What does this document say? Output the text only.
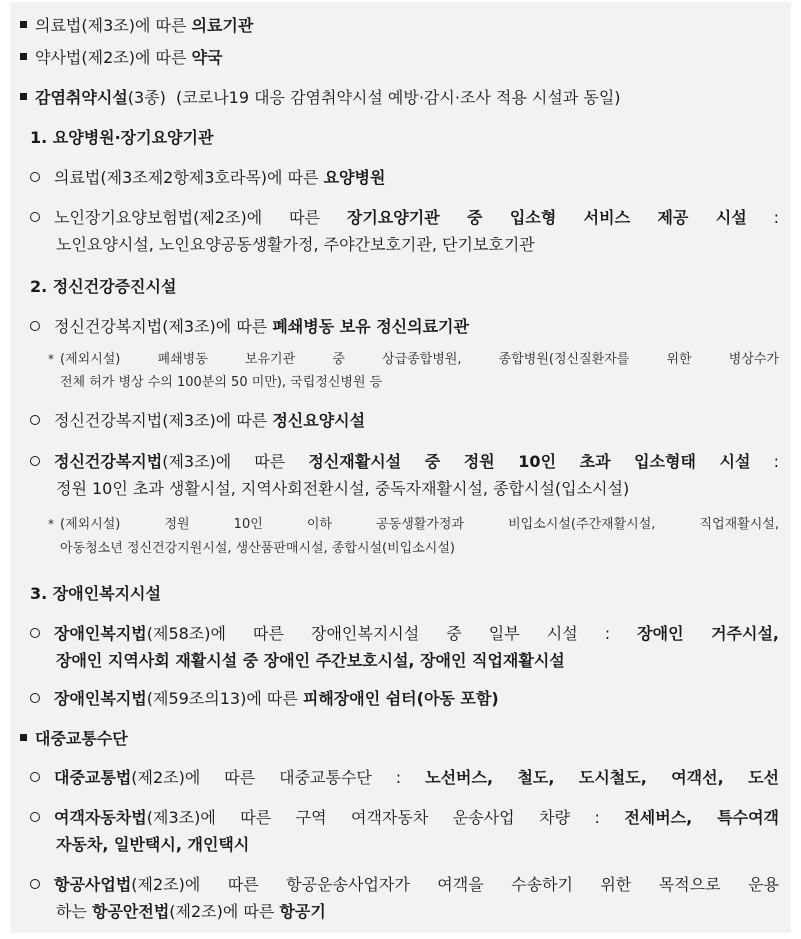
의료법(제3조)에 따른 의료기관
약사법(제2조)에 따른 약국
감염취약시설(3종)  (코로나19 대응 감염취약시설 예방·감시·조사 적용 시설과 동일)
1. 요양병원·장기요양기관
의료법(제3조제2항제3호라목)에 따른 요양병원
노인장기요양보험법(제2조)에 따른 장기요양기관 중 입소형 서비스 제공 시설 :
노인요양시설, 노인요양공동생활가정, 주야간보호기관, 단기보호기관
2. 정신건강증진시설
정신건강복지법(제3조)에 따른 폐쇄병동 보유 정신의료기관
* (제외시설) 폐쇄병동 보유기관 중 상급종합병원, 종합병원(정신질환자를 위한 병상수가
전체 허가 병상 수의 100분의 50 미만), 국립정신병원 등
정신건강복지법(제3조)에 따른 정신요양시설
정신건강복지법(제3조)에 따른 정신재활시설 중 정원 10인 초과 입소형태 시설 :
정원 10인 초과 생활시설, 지역사회전환시설, 중독자재활시설, 종합시설(입소시설)
* (제외시설) 정원 10인 이하 공동생활가정과 비입소시설(주간재활시설, 직업재활시설,
아동청소년 정신건강지원시설, 생산품판매시설, 종합시설(비입소시설)
3. 장애인복지시설
장애인복지법(제58조)에 따른 장애인복지시설 중 일부 시설 : 장애인 거주시설,
장애인 지역사회 재활시설 중 장애인 주간보호시설, 장애인 직업재활시설
장애인복지법(제59조의13)에 따른 피해장애인 쉼터(아동 포함)
대중교통수단
대중교통법(제2조)에 따른 대중교통수단 : 노선버스, 철도, 도시철도, 여객선, 도선
여객자동차법(제3조)에 따른 구역 여객자동차 운송사업 차량 : 전세버스, 특수여객
자동차, 일반택시, 개인택시
항공사업법(제2조)에 따른 항공운송사업자가 여객을 수송하기 위한 목적으로 운용
하는 항공안전법(제2조)에 따른 항공기
